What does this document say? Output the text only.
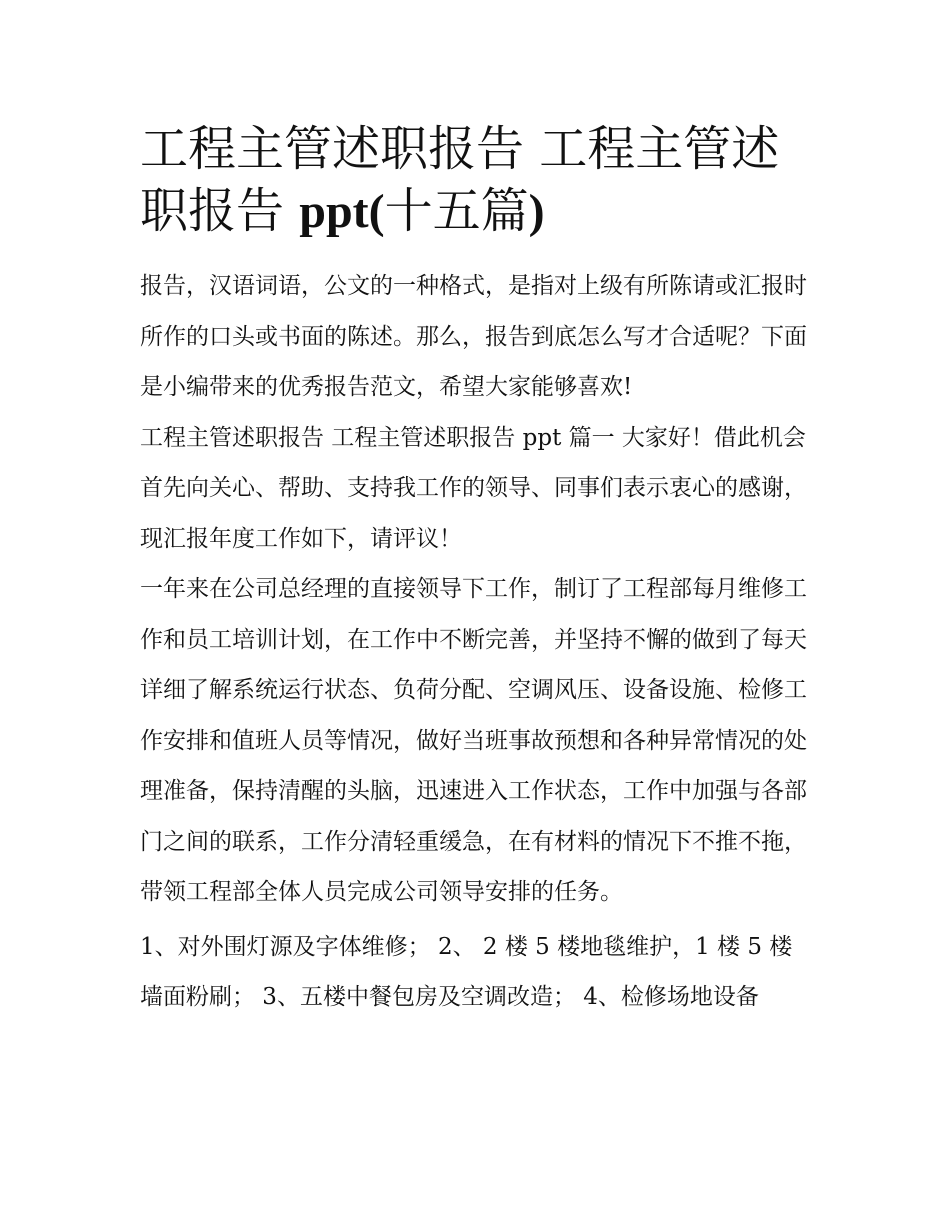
工程主管述职报告 工程主管述
职报告 ppt(十五篇)

报告，汉语词语，公文的一种格式，是指对上级有所陈请或汇报时所作的口头或书面的陈述。那么，报告到底怎么写才合适呢？下面是小编带来的优秀报告范文，希望大家能够喜欢!

工程主管述职报告 工程主管述职报告 ppt 篇一 大家好！借此机会首先向关心、帮助、支持我工作的领导、同事们表示衷心的感谢，现汇报年度工作如下，请评议！

一年来在公司总经理的直接领导下工作，制订了工程部每月维修工作和员工培训计划，在工作中不断完善，并坚持不懈的做到了每天详细了解系统运行状态、负荷分配、空调风压、设备设施、检修工作安排和值班人员等情况，做好当班事故预想和各种异常情况的处理准备，保持清醒的头脑，迅速进入工作状态，工作中加强与各部门之间的联系，工作分清轻重缓急，在有材料的情况下不推不拖，带领工程部全体人员完成公司领导安排的任务。

1、对外围灯源及字体维修； 2、 2 楼 5 楼地毯维护，1 楼 5 楼墙面粉刷； 3、五楼中餐包房及空调改造； 4、检修场地设备
